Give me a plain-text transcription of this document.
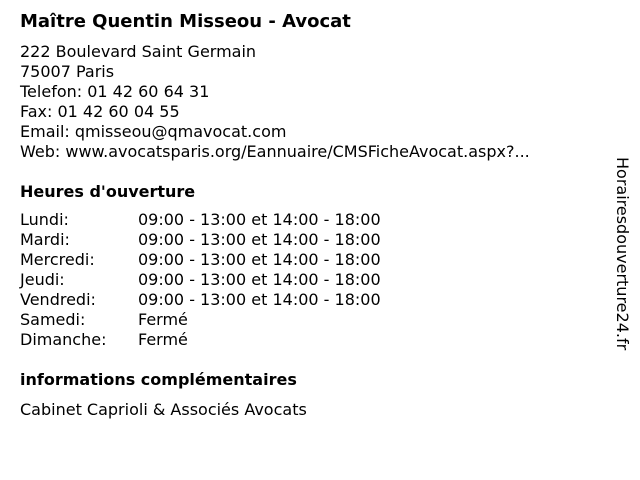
Maître Quentin Misseou - Avocat
222 Boulevard Saint Germain
75007 Paris
Telefon: 01 42 60 64 31
Fax: 01 42 60 04 55
Email: qmisseou@qmavocat.com
Web: www.avocatsparis.org/Eannuaire/CMSFicheAvocat.aspx?...
Heures d'ouverture
Lundi:	09:00 - 13:00 et 14:00 - 18:00
Mardi:	09:00 - 13:00 et 14:00 - 18:00
Mercredi:	09:00 - 13:00 et 14:00 - 18:00
Jeudi:	09:00 - 13:00 et 14:00 - 18:00
Vendredi:	09:00 - 13:00 et 14:00 - 18:00
Samedi:	Fermé
Dimanche:	Fermé
informations complémentaires
Cabinet Caprioli & Associés Avocats
Horairesdouverture24.fr
